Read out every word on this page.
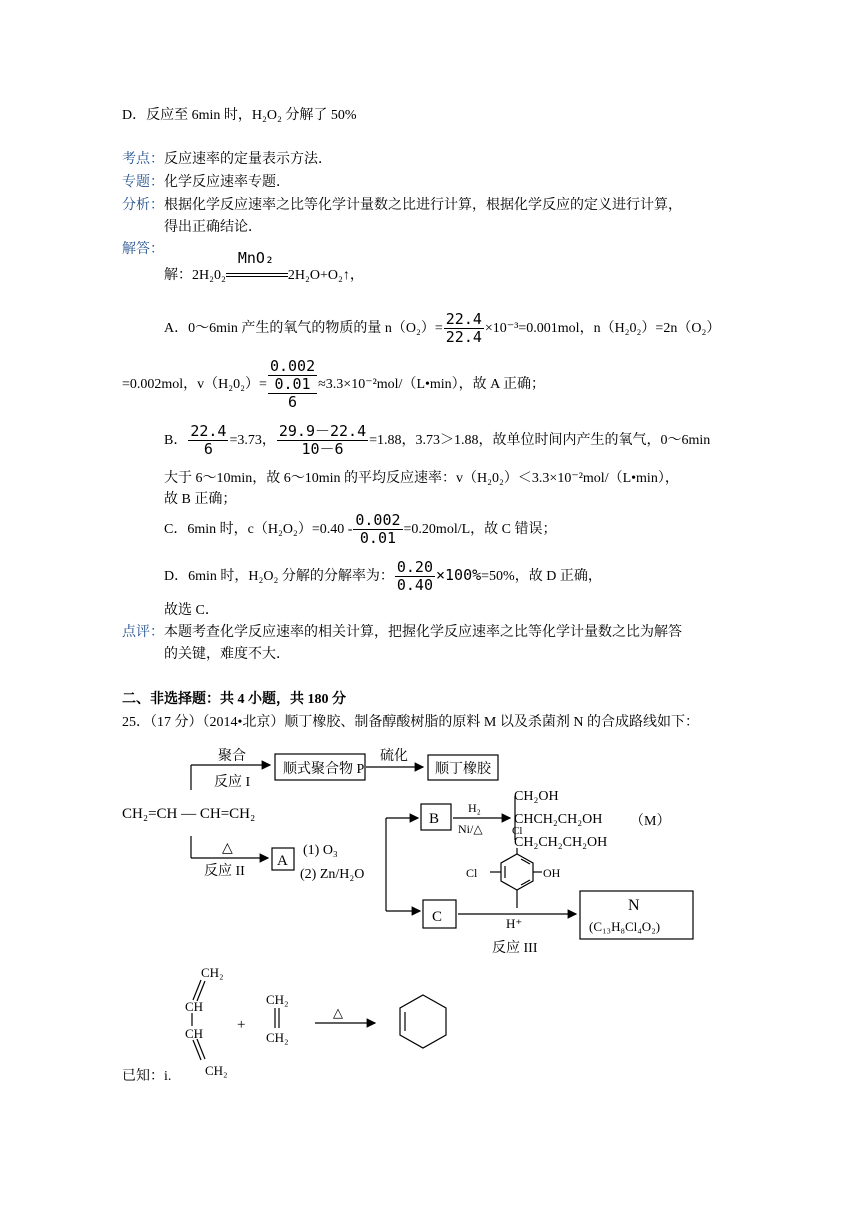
D．反应至 6min 时，H₂O₂ 分解了 50%
考点：反应速率的定量表示方法．
专题：化学反应速率专题．
分析：根据化学反应速率之比等化学计量数之比进行计算，根据化学反应的定义进行计算，
得出正确结论．
解答：
解：2H₂0₂
MnO₂
2H₂O+O₂↑，
A．0～6min 产生的氧气的物质的量 $n(O_2)= \frac{22.4}{22.4} \times 10^{-3}=0.001mol$，n（H₂0₂）=2n（O₂）
=0.002mol，v（H₂0₂）=
0.002
0.01
6
≈3.3×10⁻²mol/（L•min），故 A 正确；
B． $\frac{22.4}{6} =3.73$， $\frac{29.9-22.4}{10-6} =1.88$，3.73＞1.88，故单位时间内产生的氧气，0～6min
大于 6～10min，故 6～10min 的平均反应速率：v（H₂0₂）＜3.3×10⁻²mol/（L•min），
故 B 正确；
C．6min 时，$c(H_2O_2)=0.40 - \frac{0.002}{0.01} =0.20mol/L$，故 C 错误；
D．6min 时，H₂O₂ 分解的分解率为： $\frac{0.20}{0.40} \times 100\%=50\%$，故 D 正确，
故选 C．
点评：本题考查化学反应速率的相关计算，把握化学反应速率之比等化学计量数之比为解答
的关键，难度不大．
二、非选择题：共 4 小题，共 180 分
25．（17 分）（2014•北京）顺丁橡胶、制备醇酸树脂的原料 M 以及杀菌剂 N 的合成路线如下：
CH₂=CH — CH=CH₂
聚合
反应 I
顺式聚合物 P
硫化
顺丁橡胶
△
反应 II
A
(1) O₃
(2) Zn/H₂O
B
H₂
Ni/△
CH₂OH
CHCH₂CH₂OH
CH₂CH₂CH₂OH
（M）
Cl
Cl	OH
C	H⁺
反应 III
N
(C₁₃H₈Cl₄O₂)
CH₂
CH
CH
CH₂
+
CH₂
CH₂
△
已知：i.
